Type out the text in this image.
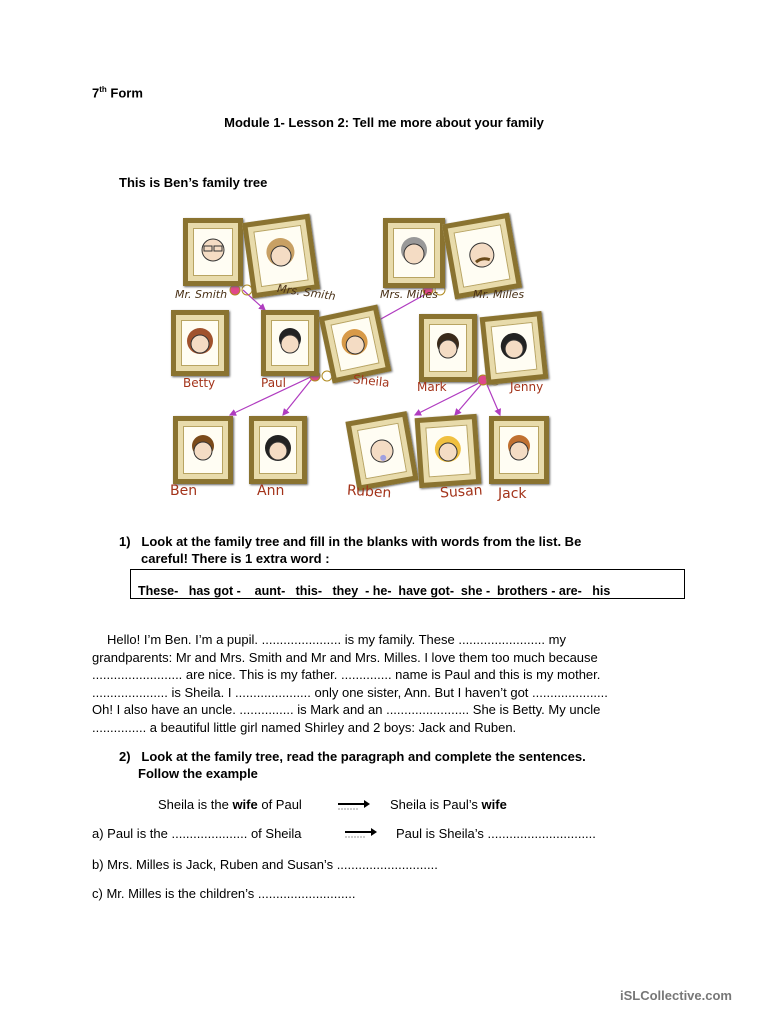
7th Form
Module 1- Lesson 2: Tell me more about your family
This is Ben’s family tree
Mr. Smith	Mrs. Smith	Mrs. Milles	Mr. Milles
Betty	Paul	Sheila Mark	Jenny
Ben	Ann	Ruben	Susan Jack
1) Look at the family tree and fill in the blanks with words from the list. Be
careful! There is 1 extra word :
These-   has got -    aunt-   this-   they  - he-  have got-  she -  brothers - are-   his
Hello! I’m Ben. I’m a pupil. ...................... is my family. These ........................ my
grandparents: Mr and Mrs. Smith and Mr and Mrs. Milles. I love them too much because
......................... are nice. This is my father. .............. name is Paul and this is my mother.
..................... is Sheila. I ..................... only one sister, Ann. But I haven’t got .....................
Oh! I also have an uncle. ............... is Mark and an ....................... She is Betty. My uncle
............... a beautiful little girl named Shirley and 2 boys: Jack and Ruben.
2) Look at the family tree, read the paragraph and complete the sentences.
Follow the example
Sheila is the wife of Paul	Sheila is Paul’s wife
a) Paul is the ..................... of Sheila	Paul is Sheila’s ..............................
b) Mrs. Milles is Jack, Ruben and Susan’s ............................
c) Mr. Milles is the children’s ...........................
iSLCollective.com
